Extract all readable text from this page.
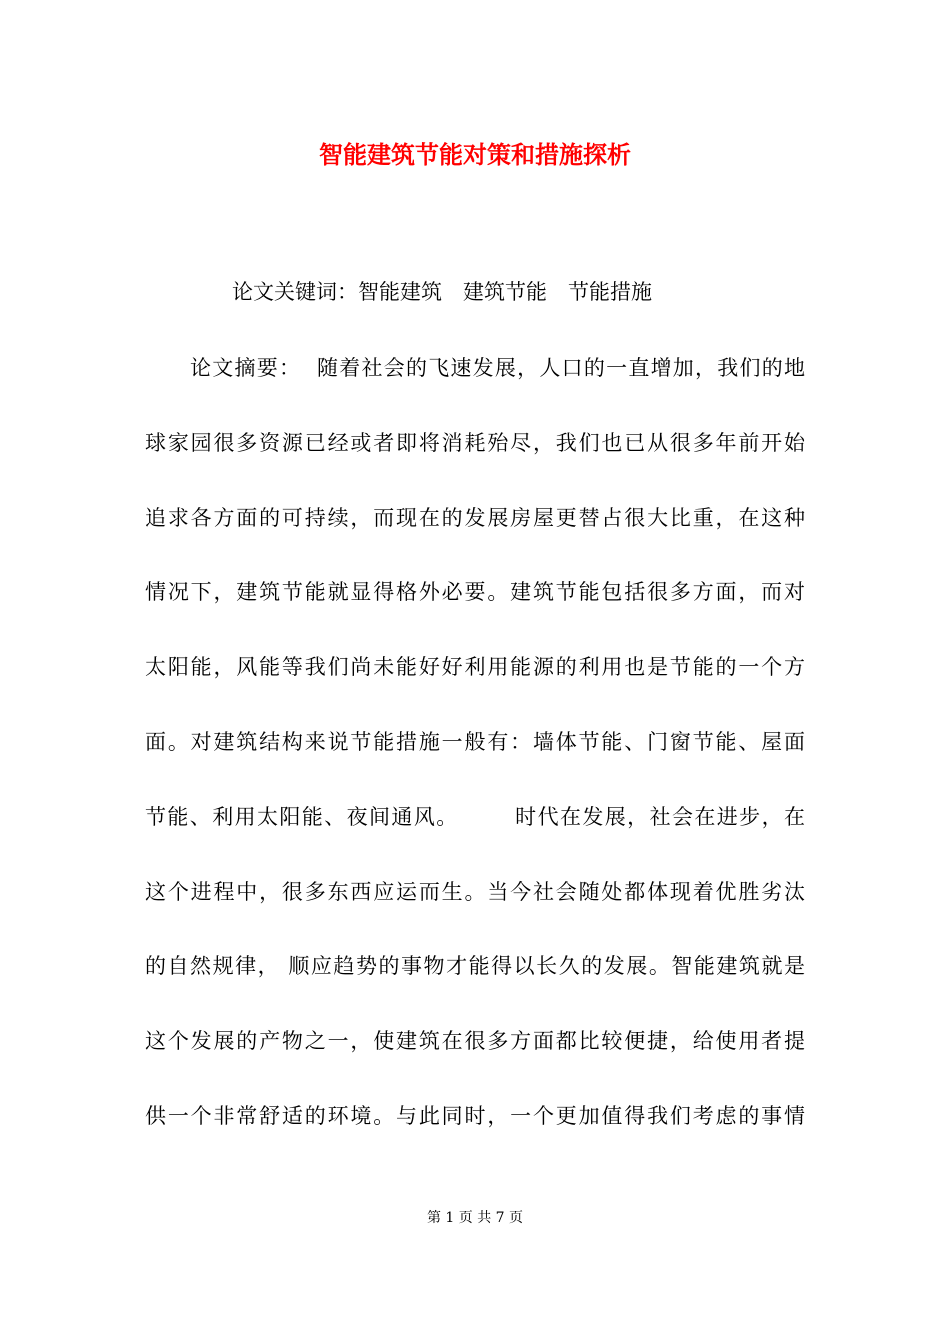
智能建筑节能对策和措施探析
论文关键词：智能建筑　建筑节能　节能措施
论文摘要：  随着社会的飞速发展，人口的一直增加，我们的地
球家园很多资源已经或者即将消耗殆尽，我们也已从很多年前开始
追求各方面的可持续，而现在的发展房屋更替占很大比重，在这种
情况下，建筑节能就显得格外必要。建筑节能包括很多方面，而对
太阳能，风能等我们尚未能好好利用能源的利用也是节能的一个方
面。对建筑结构来说节能措施一般有：墙体节能、门窗节能、屋面
节能、利用太阳能、夜间通风。       时代在发展，社会在进步，在
这个进程中，很多东西应运而生。当今社会随处都体现着优胜劣汰
的自然规律， 顺应趋势的事物才能得以长久的发展。智能建筑就是
这个发展的产物之一，使建筑在很多方面都比较便捷，给使用者提
供一个非常舒适的环境。与此同时，一个更加值得我们考虑的事情
第 1 页 共 7 页
